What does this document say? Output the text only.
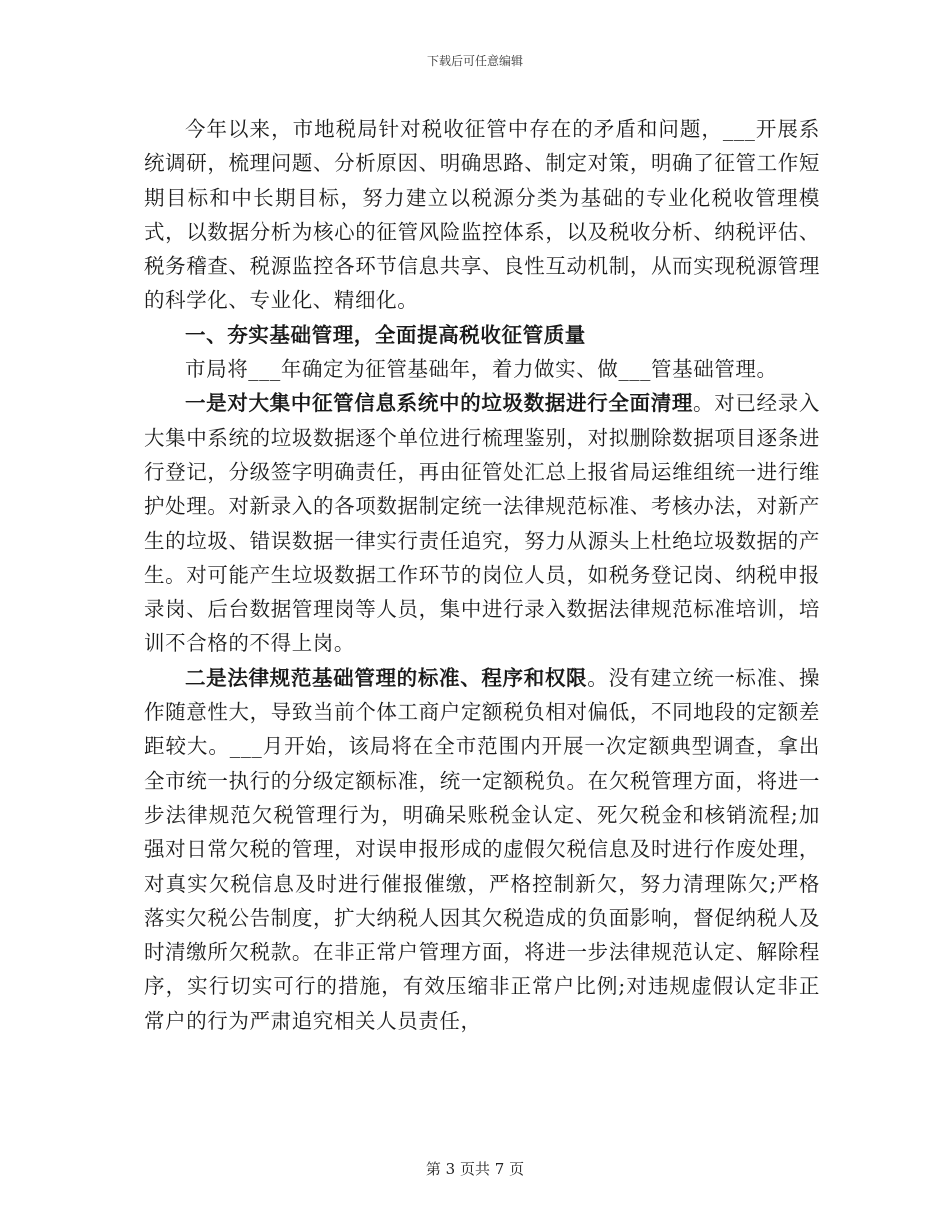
下载后可任意编辑

今年以来，市地税局针对税收征管中存在的矛盾和问题，___开展系统调研，梳理问题、分析原因、明确思路、制定对策，明确了征管工作短期目标和中长期目标，努力建立以税源分类为基础的专业化税收管理模式，以数据分析为核心的征管风险监控体系，以及税收分析、纳税评估、税务稽查、税源监控各环节信息共享、良性互动机制，从而实现税源管理的科学化、专业化、精细化。

一、夯实基础管理，全面提高税收征管质量

市局将___年确定为征管基础年，着力做实、做___管基础管理。

一是对大集中征管信息系统中的垃圾数据进行全面清理。对已经录入大集中系统的垃圾数据逐个单位进行梳理鉴别，对拟删除数据项目逐条进行登记，分级签字明确责任，再由征管处汇总上报省局运维组统一进行维护处理。对新录入的各项数据制定统一法律规范标准、考核办法，对新产生的垃圾、错误数据一律实行责任追究，努力从源头上杜绝垃圾数据的产生。对可能产生垃圾数据工作环节的岗位人员，如税务登记岗、纳税申报录岗、后台数据管理岗等人员，集中进行录入数据法律规范标准培训，培训不合格的不得上岗。

二是法律规范基础管理的标准、程序和权限。没有建立统一标准、操作随意性大，导致当前个体工商户定额税负相对偏低，不同地段的定额差距较大。___月开始，该局将在全市范围内开展一次定额典型调查，拿出全市统一执行的分级定额标准，统一定额税负。在欠税管理方面，将进一步法律规范欠税管理行为，明确呆账税金认定、死欠税金和核销流程;加强对日常欠税的管理，对误申报形成的虚假欠税信息及时进行作废处理，对真实欠税信息及时进行催报催缴，严格控制新欠，努力清理陈欠;严格落实欠税公告制度，扩大纳税人因其欠税造成的负面影响，督促纳税人及时清缴所欠税款。在非正常户管理方面，将进一步法律规范认定、解除程序，实行切实可行的措施，有效压缩非正常户比例;对违规虚假认定非正常户的行为严肃追究相关人员责任，

第 3 页共 7 页
